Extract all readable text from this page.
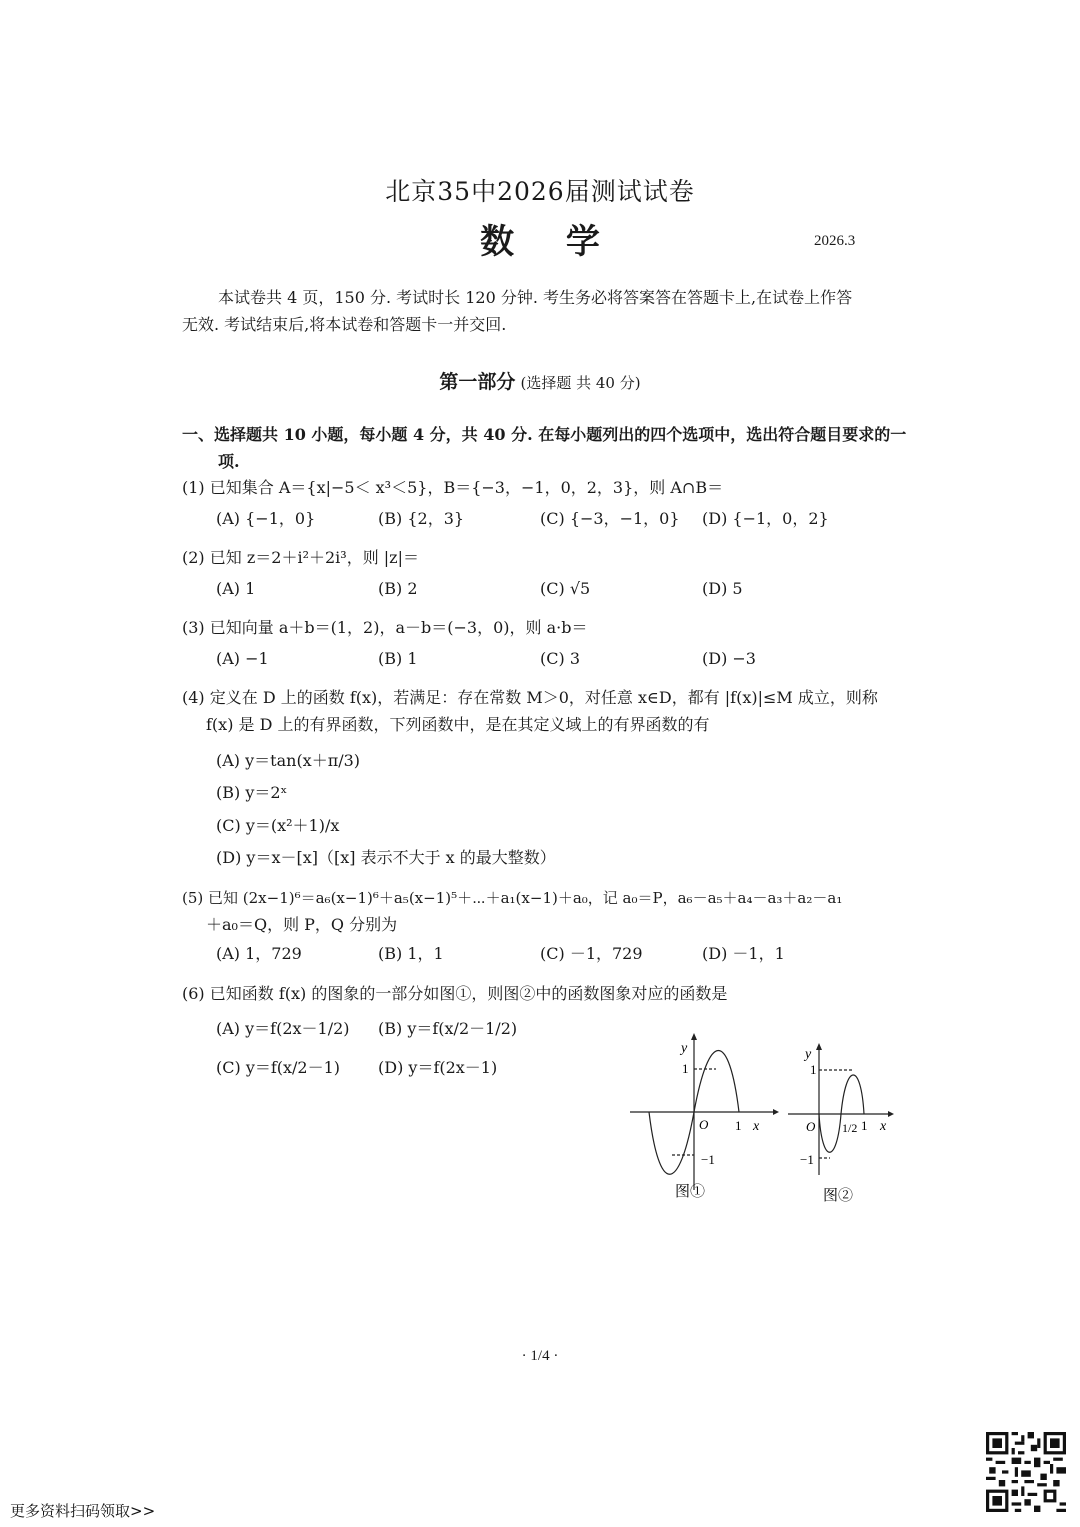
北京35中2026届测试试卷
数 学	2026.3
本试卷共 4 页，150 分. 考试时长 120 分钟. 考生务必将答案答在答题卡上,在试卷上作答
无效. 考试结束后,将本试卷和答题卡一并交回.
第一部分 (选择题 共 40 分)
一、选择题共 10 小题，每小题 4 分，共 40 分. 在每小题列出的四个选项中，选出符合题目要求的一
项.
(1) 已知集合 A＝{x|−5＜ x³＜5}，B＝{−3，−1，0，2，3}，则 A∩B＝
(A) {−1，0}	(B) {2，3}	(C) {−3，−1，0} (D) {−1，0，2}
(2) 已知 z＝2＋i²＋2i³，则 |z|＝
(A) 1	(B) 2	(C) √5	(D) 5
(3) 已知向量 a＋b＝(1，2)，a－b＝(−3，0)，则 a·b＝
(A) −1	(B) 1	(C) 3	(D) −3
(4) 定义在 D 上的函数 f(x)，若满足：存在常数 M＞0，对任意 x∈D，都有 |f(x)|≤M 成立，则称
f(x) 是 D 上的有界函数，下列函数中，是在其定义域上的有界函数的有
(A) y＝tan(x＋π/3)
(B) y＝2ˣ
(C) y＝(x²＋1)/x
(D) y＝x－[x]（[x] 表示不大于 x 的最大整数）
(5) 已知 (2x−1)⁶＝a₆(x−1)⁶＋a₅(x−1)⁵＋⋯＋a₁(x−1)＋a₀，记 a₀＝P，a₆－a₅＋a₄－a₃＋a₂－a₁
＋a₀＝Q，则 P，Q 分别为
(A) 1，729	(B) 1，1	(C) －1，729	(D) －1，1
(6) 已知函数 f(x) 的图象的一部分如图①，则图②中的函数图象对应的函数是
(A) y＝f(2x－1/2) (B) y＝f(x/2－1/2)
(C) y＝f(x/2－1) (D) y＝f(2x－1)
y
1
O 1 x
−1
图①
y
1
O 1/2 1 x
−1
图②
· 1/4 ·
更多资料扫码领取>>
